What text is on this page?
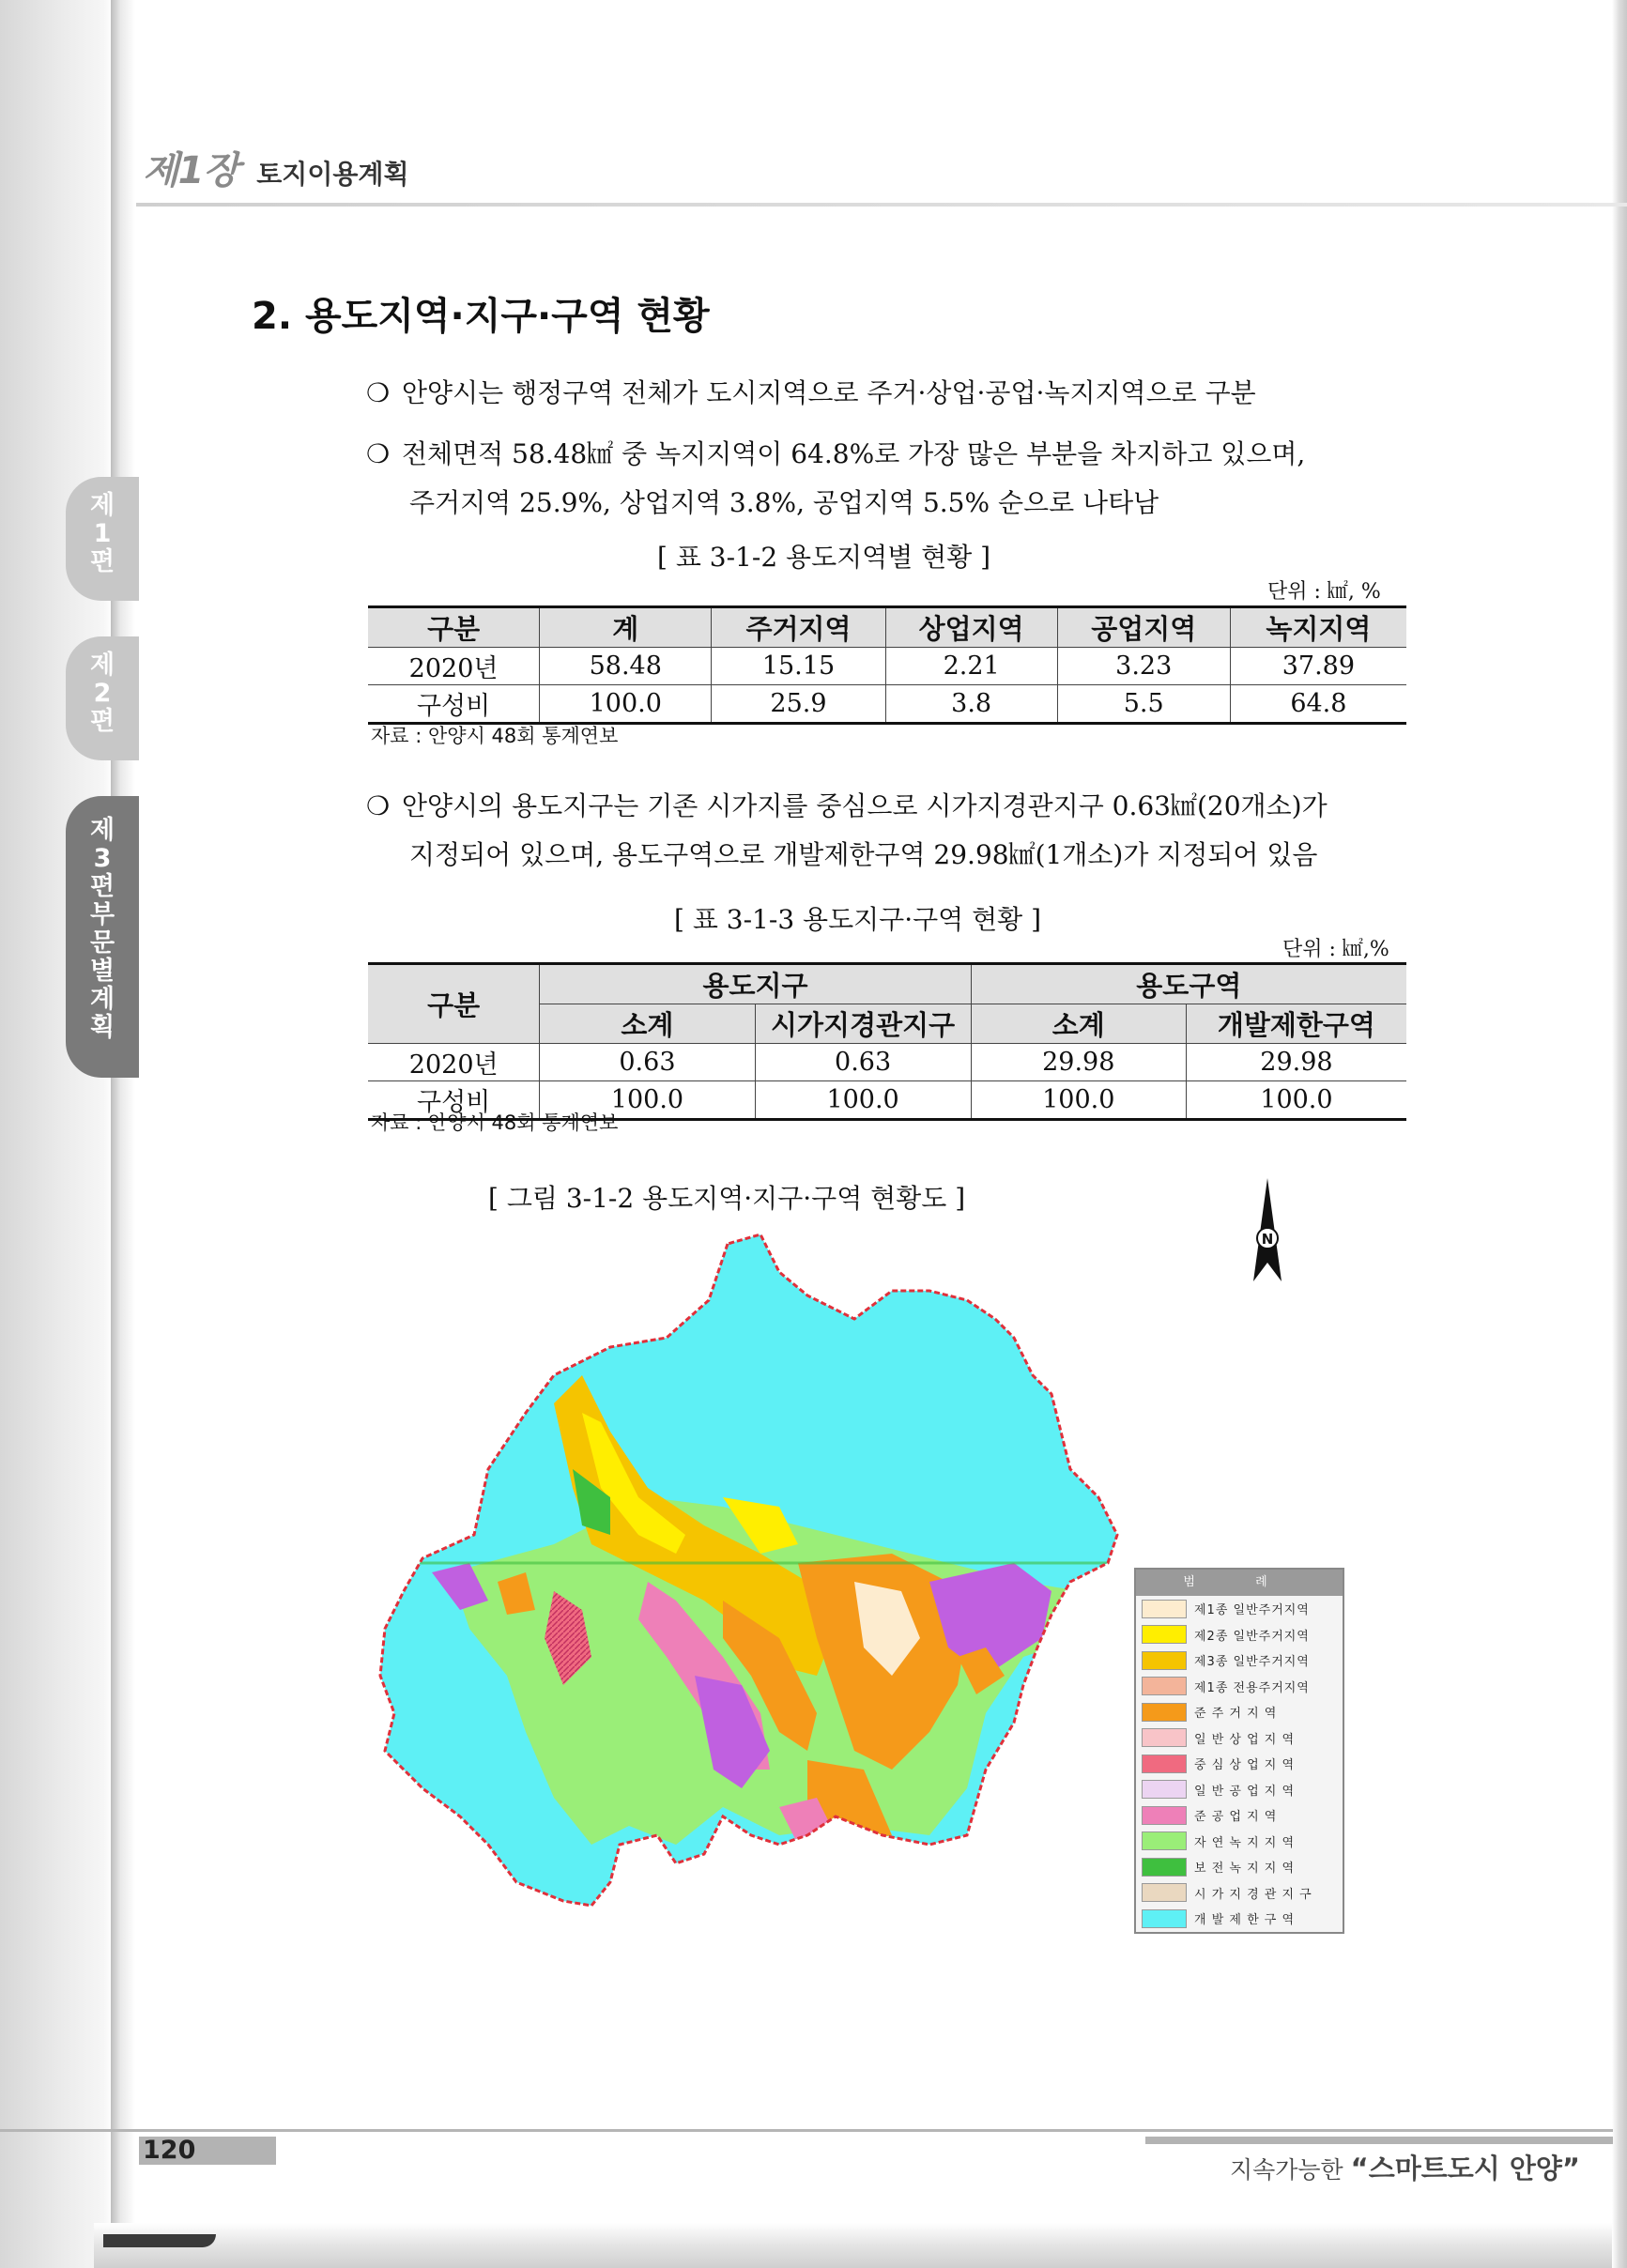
제1장 토지이용계획
제
1
편
제
2
편
제
3
편
부
문
별
계
획
2. 용도지역·지구·구역 현황
❍ 안양시는 행정구역 전체가 도시지역으로 주거·상업·공업·녹지지역으로 구분
❍ 전체면적 58.48㎢ 중 녹지지역이 64.8%로 가장 많은 부분을 차지하고 있으며,
주거지역 25.9%, 상업지역 3.8%, 공업지역 5.5% 순으로 나타남
[ 표 3-1-2 용도지역별 현황 ]
단위 : ㎢, %
구분	계	주거지역	상업지역	공업지역	녹지지역
2020년	58.48	15.15	2.21	3.23	37.89
구성비	100.0	25.9	3.8	5.5	64.8
자료 : 안양시 48회 통계연보
❍ 안양시의 용도지구는 기존 시가지를 중심으로 시가지경관지구 0.63㎢(20개소)가
지정되어 있으며, 용도구역으로 개발제한구역 29.98㎢(1개소)가 지정되어 있음
[ 표 3-1-3 용도지구·구역 현황 ]
단위 : ㎢,%
구분	용도지구		용도구역	
	소계	시가지경관지구	소계	개발제한구역
2020년	0.63	0.63	29.98	29.98
구성비	100.0	100.0	100.0	100.0
자료 : 안양시 48회 통계연보
[ 그림 3-1-2 용도지역·지구·구역 현황도 ]
N
범 례
제1종 일반주거지역
제2종 일반주거지역
제3종 일반주거지역
제1종 전용주거지역
준 주 거 지 역
일 반 상 업 지 역
중 심 상 업 지 역
일 반 공 업 지 역
준 공 업 지 역
자 연 녹 지 지 역
보 전 녹 지 지 역
시 가 지 경 관 지 구
개 발 제 한 구 역
120
지속가능한 “스마트도시 안양”
